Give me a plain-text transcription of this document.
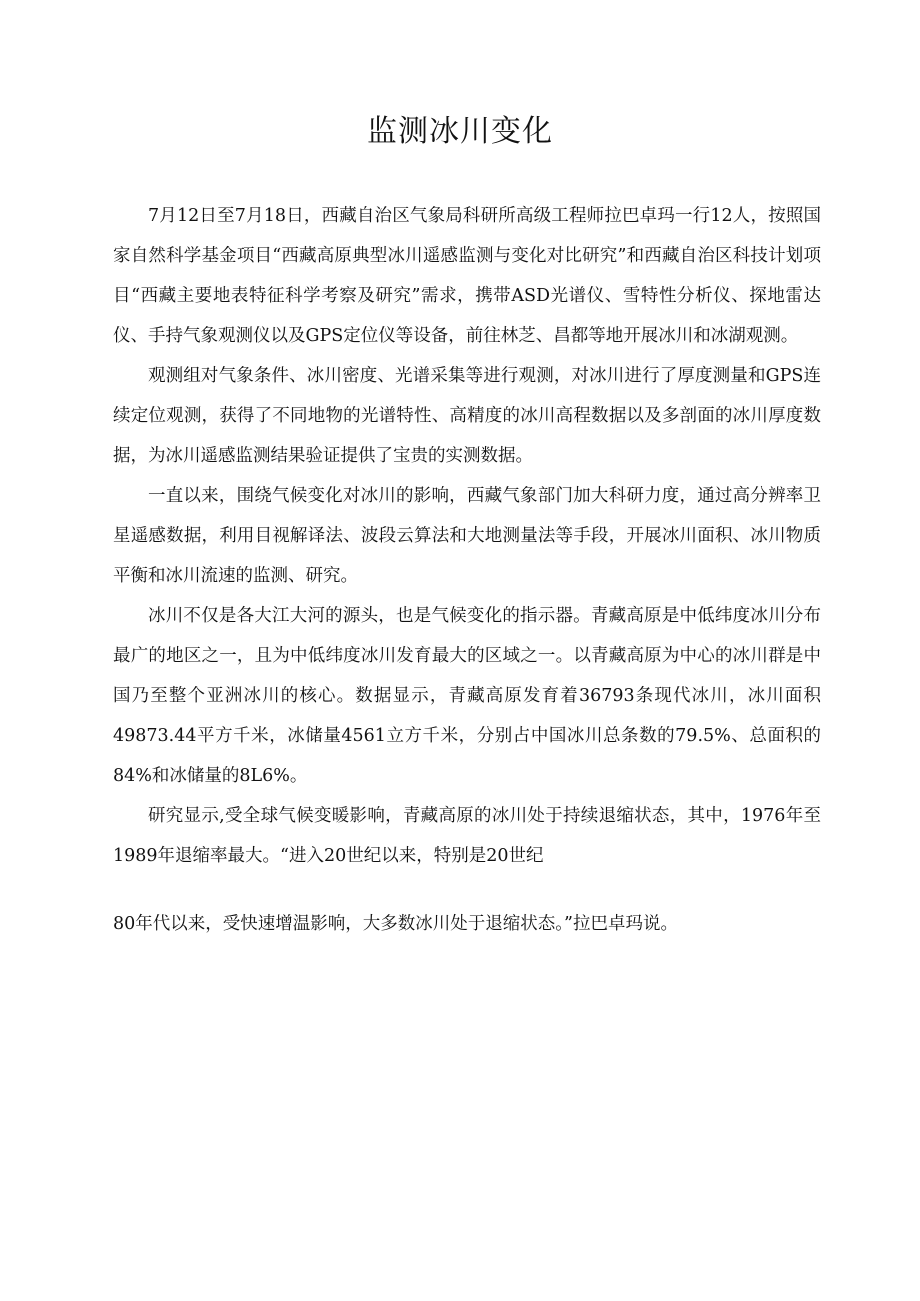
监测冰川变化

7月12日至7月18日，西藏自治区气象局科研所高级工程师拉巴卓玛一行12人，按照国家自然科学基金项目“西藏高原典型冰川遥感监测与变化对比研究”和西藏自治区科技计划项目“西藏主要地表特征科学考察及研究”需求，携带ASD光谱仪、雪特性分析仪、探地雷达仪、手持气象观测仪以及GPS定位仪等设备，前往林芝、昌都等地开展冰川和冰湖观测。

观测组对气象条件、冰川密度、光谱采集等进行观测，对冰川进行了厚度测量和GPS连续定位观测，获得了不同地物的光谱特性、高精度的冰川高程数据以及多剖面的冰川厚度数据，为冰川遥感监测结果验证提供了宝贵的实测数据。

一直以来，围绕气候变化对冰川的影响，西藏气象部门加大科研力度，通过高分辨率卫星遥感数据，利用目视解译法、波段云算法和大地测量法等手段，开展冰川面积、冰川物质平衡和冰川流速的监测、研究。

冰川不仅是各大江大河的源头，也是气候变化的指示器。青藏高原是中低纬度冰川分布最广的地区之一，且为中低纬度冰川发育最大的区域之一。以青藏高原为中心的冰川群是中国乃至整个亚洲冰川的核心。数据显示，青藏高原发育着36793条现代冰川，冰川面积49873.44平方千米，冰储量4561立方千米，分别占中国冰川总条数的79.5%、总面积的84%和冰储量的8L6%。

研究显示,受全球气候变暖影响，青藏高原的冰川处于持续退缩状态，其中，1976年至1989年退缩率最大。“进入20世纪以来，特别是20世纪

80年代以来，受快速增温影响，大多数冰川处于退缩状态。”拉巴卓玛说。
